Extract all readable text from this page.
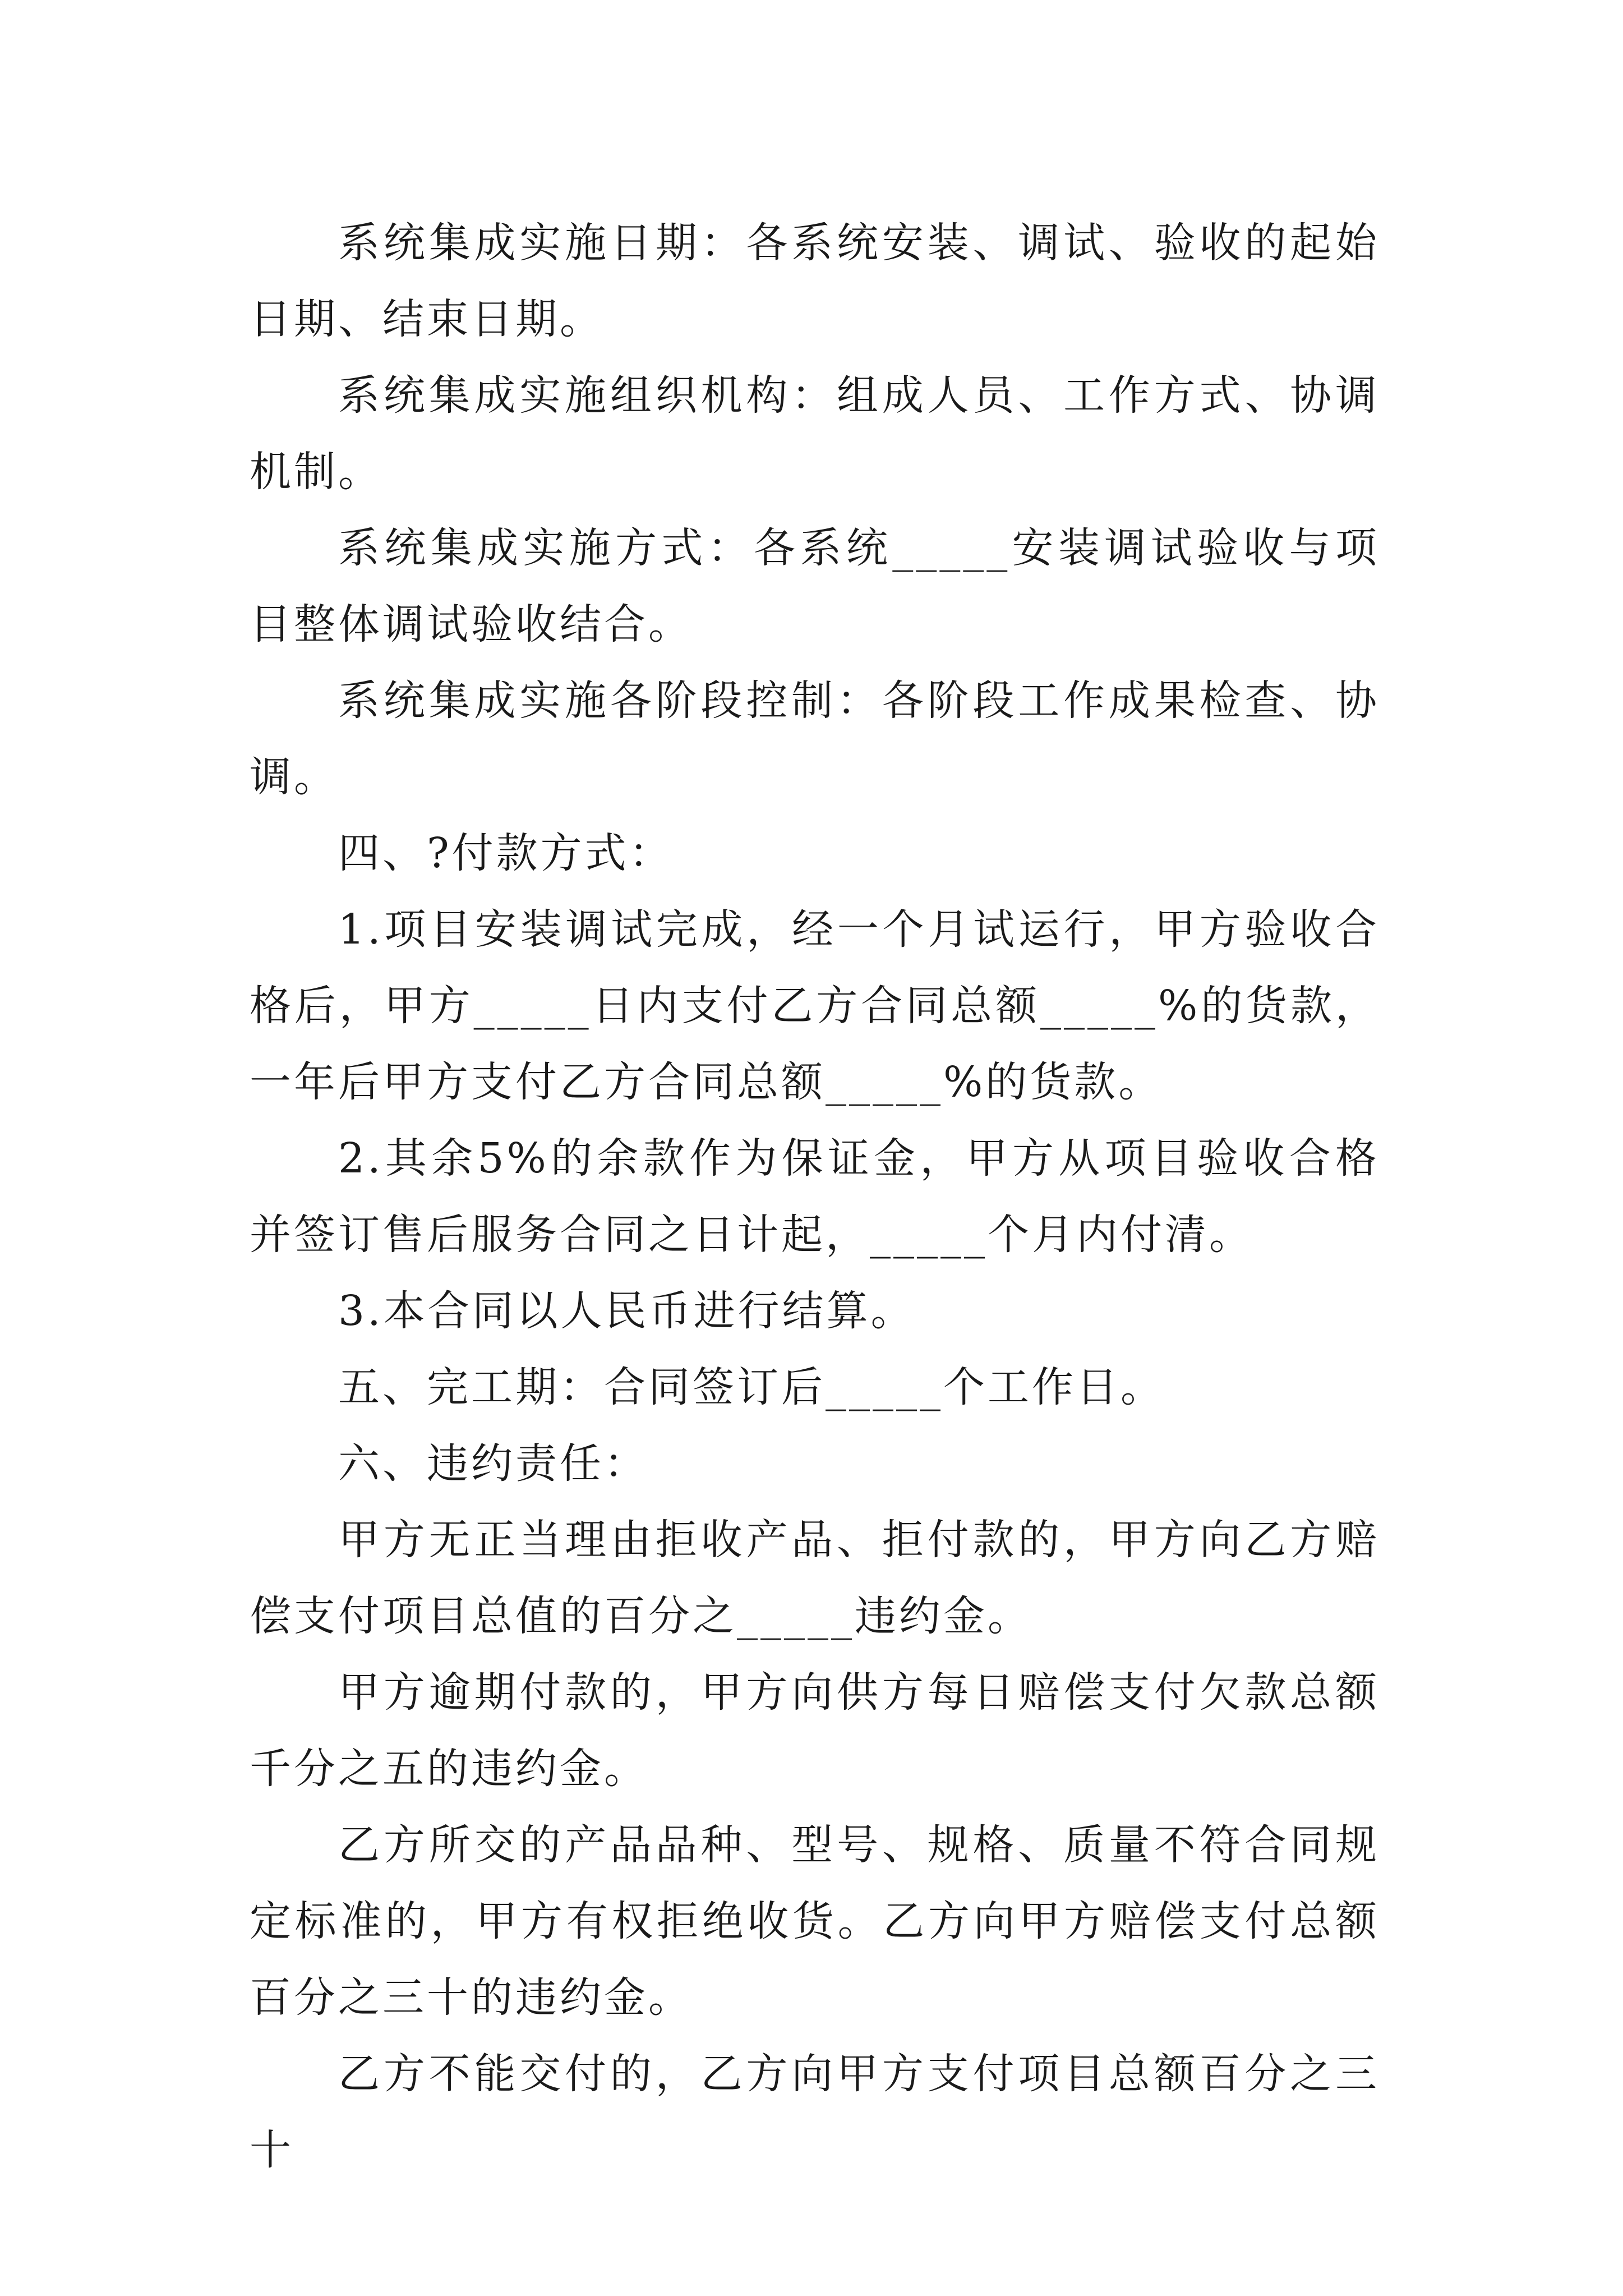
系统集成实施日期：各系统安装、调试、验收的起始日期、结束日期。

系统集成实施组织机构：组成人员、工作方式、协调机制。

系统集成实施方式：各系统_____安装调试验收与项目整体调试验收结合。

系统集成实施各阶段控制：各阶段工作成果检查、协调。

四、?付款方式：

1.项目安装调试完成，经一个月试运行，甲方验收合格后，甲方_____日内支付乙方合同总额_____%的货款，一年后甲方支付乙方合同总额_____%的货款。

2.其余5%的余款作为保证金，甲方从项目验收合格并签订售后服务合同之日计起，_____个月内付清。

3.本合同以人民币进行结算。

五、完工期：合同签订后_____个工作日。

六、违约责任：

甲方无正当理由拒收产品、拒付款的，甲方向乙方赔偿支付项目总值的百分之_____违约金。

甲方逾期付款的，甲方向供方每日赔偿支付欠款总额千分之五的违约金。

乙方所交的产品品种、型号、规格、质量不符合同规定标准的，甲方有权拒绝收货。乙方向甲方赔偿支付总额百分之三十的违约金。

乙方不能交付的，乙方向甲方支付项目总额百分之三十
